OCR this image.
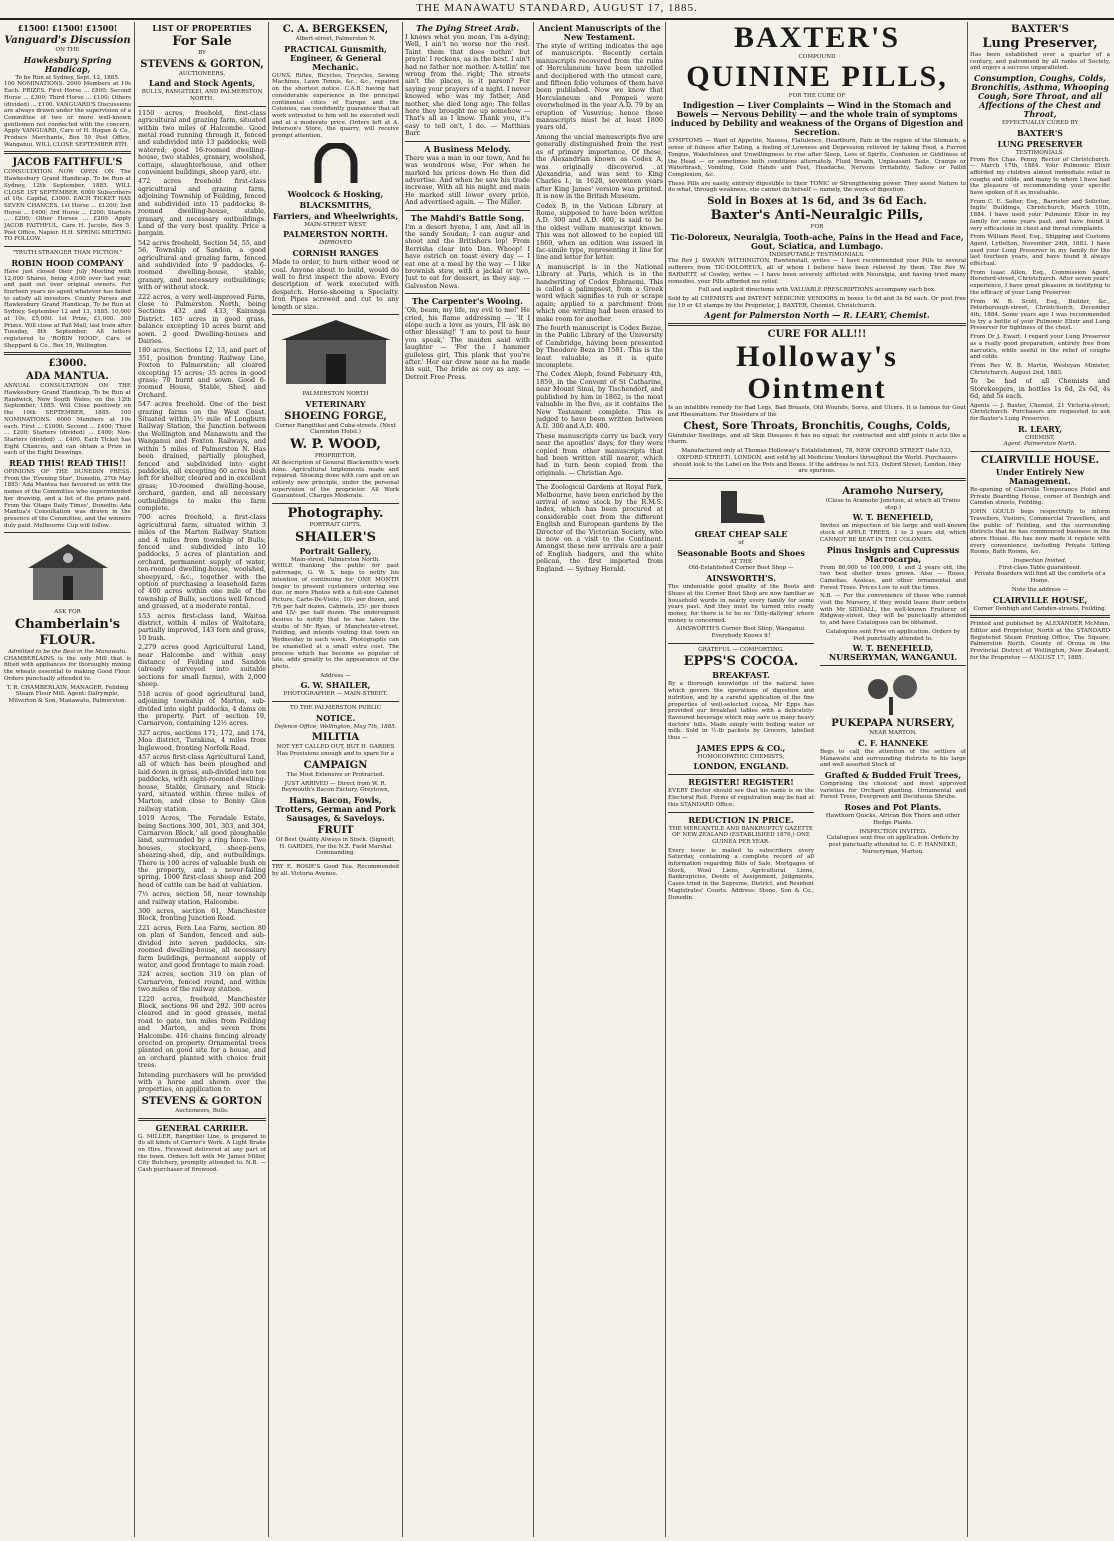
THE MANAWATU STANDARD, AUGUST 17, 1885.
£1500! £1500! £1500!
Vanguard's Discussion
ON THE
Hawkesbury Spring Handicap,
To be Run at Sydney, Sept. 12, 1885.

100 NOMINATIONS. 2000 Members at 10s Each. PRIZES. First Horse ... £800; Second Horse ... £300; Third Horse ... £100; Others (divided) ... £100. VANGUARD'S Discussions are always drawn under the supervision of a Committee of two or more well-known gentlemen not connected with the concern. Apply VANGUARD, Care of H. Hogan & Co., Produce Merchants, Box 59 Post Office, Wanganui. WILL CLOSE SEPTEMBER 8TH.

JACOB FAITHFUL'S

CONSULTATION NOW OPEN ON The Hawkesbury Grand Handicap. To be Run at Sydney, 12th September, 1885. WILL CLOSE 1ST SEPTEMBER. 6000 Subscribers at 10s. Capital, £3000. EACH TICKET HAS SEVEN CHANCES. 1st Horse ... £1200; 2nd Horse ... £400; 3rd Horse ... £200; Starters ... £200; Other Horses ... £200. Apply JACOB FAITHFUL, Care H. Jacobs, Box 5, Post Office, Napier. H.H. SPRING MEETING TO FOLLOW.

"TRUTH STRANGER THAN FICTION."
ROBIN HOOD COMPANY

Have just closed their July Meeting with 12,000 Shares, being 4,000 over last year, and paid out over original owners. For fourteen years no agent whatever has failed to satisfy all investors. County Purses and Hawkesbury Grand Handicap, To be Run at Sydney, September 12 and 13, 1885. 10,000 at 10s, £5,000. 1st Prize, £1,000. 300 Prizes. Will close at Pall Mall, last train after Tuesday, 8th September. All letters registered to 'ROBIN HOOD', Care of Sheppard & Co., Box 19, Wellington.

£3000.
ADA MANTUA.

ANNUAL CONSULTATION ON THE Hawkesbury Grand Handicap, To be Run at Randwick, New South Wales, on the 12th September, 1885. Will Close positively on the 10th SEPTEMBER, 1885. 100 NOMINATIONS. 6000 Members at 10s each. First ... £1000; Second ... £400; Third ... £200; Starters (divided) ... £400; Non-Starters (divided) ... £400. Each Ticket has Eight Chances, and can obtain a Prize in each of the Eight Drawings.

READ THIS! READ THIS!!

OPINIONS OF THE DUNEDIN PRESS. From the 'Evening Star', Dunedin, 27th May 1885: Ada Mantua has favoured us with the names of the Committee who superintended her drawing, and a list of the prizes paid. From the 'Otago Daily Times', Dunedin: Ada Mantua's Consultation was drawn in the presence of the Committee, and the winners duly paid. Melbourne Cup will follow.

ASK FOR
Chamberlain's
FLOUR.
Admitted to be the Best in the Manawatu.

CHAMBERLAINS is the only Mill that is fitted with appliances for thoroughly mixing the wheats essential to making Good Flour. Orders punctually attended to.

T. R. CHAMBERLAIN, MANAGER. Feilding Steam Flour Mill. Agent: Dalrymple, Milverton & Son, Manawatu, Palmerston.

LIST OF PROPERTIES
For Sale
BY
STEVENS & GORTON,
AUCTIONEERS,
Land and Stock Agents,
BULLS, RANGITIKEI, AND PALMERSTON NORTH.

1150 acres, freehold, first-class agricultural and grazing farm, situated within two miles of Halcombe. Good metal road running through it, fenced and subdivided into 13 paddocks; well watered; good 16-roomed dwelling-house, two stables, granary, woolshed, cottage, slaughterhouse, and other convenient buildings, sheep yard, etc.

472 acres freehold first-class agricultural and grazing farm, adjoining Township of Feilding, fenced and subdivided into 15 paddocks; 8-roomed dwelling-house, stable, granary, and necessary outbuildings. Land of the very best quality. Price a bargain.

542 acres freehold, Section 54, 55, and 56, Township of Sandon, a good agricultural and grazing farm, fenced and subdivided into 9 paddocks, 6-roomed dwelling-house, stable, granary, and necessary outbuildings; with or without stock.

222 acres, a very well-improved Farm, close to Palmerston North, being Sections 432 and 433, Kairanga District. 165 acres in good grass, balance excepting 10 acres burnt and sown. 2 good Dwelling-houses and Dairies.

180 acres, Sections 12, 13, and part of 351, position fronting Railway Line, Foxton to Palmerston; all cleared excepting 15 acres; 35 acres in good grass; 70 burnt and sown. Good 6-roomed House, Stable, Shed, and Orchard.

547 acres freehold. One of the best grazing farms on the West Coast. Situated within 1½ mile of Longburn Railway Station, the Junction between the Wellington and Manawatu and the Wanganui and Foxton Railways, and within 5 miles of Palmerston N. Has been drained, partially ploughed, fenced and subdivided into eight paddocks, all excepting 60 acres bush left for shelter, cleared and in excellent grass; 10-roomed dwelling-house, orchard, garden, and all necessary outbuildings to make the farm complete.

700 acres freehold, a first-class agricultural farm, situated within 3 miles of the Marton Railway Station and 4 miles from township of Bulls; fenced and subdivided into 10 paddocks, 5 acres of plantation and orchard, permanent supply of water, ten-roomed dwelling-house, woolshed, sheepyard, &c., together with the option of purchasing a leasehold farm of 400 acres within one mile of the township of Bulls, sections well fenced and grassed, at a moderate rental.

153 acres first-class land, Waitoa district, within 4 miles of Waitotara, partially improved, 143 fern and grass, 10 bush.

2,279 acres good Agricultural Land, near Halcombe and within easy distance of Feilding and Sandon (already surveyed into suitable sections for small farms), with 2,000 sheep.

518 acres of good agricultural land, adjoining township of Marton, sub-divided into eight paddocks, 4 dams on the property. Part of section 19, Carnarvon, containing 12½ acres.

327 acres, sections 171, 172, and 174, Moa district, Turakina, 4 miles from Inglewood, fronting Norfolk Road.

457 acres first-class Agricultural Land, all of which has been ploughed and laid down in grass, sub-divided into ten paddocks, with eight-roomed dwelling-house, Stable, Granary, and Stock-yard, situated within three miles of Marton, and close to Bonny Glen railway station.

1019 Acres, 'The Ferndale Estate, being Sections 300, 301, 303, and 304, Carnarvon Block,' all good ploughable land, surrounded by a ring fence. Two houses, stockyard, sheep-pens, shearing-shed, dip, and outbuildings. There is 100 acres of valuable bush on the property, and a never-failing spring. 1000 first-class sheep and 200 head of cattle can be had at valuation.

7½ acres, section 58, near township and railway station, Halcombe.

300 acres, section 61, Manchester Block, fronting Junction Road.

221 acres, Fern Lea Farm, section 80 on plan of Sandon, fenced and sub-divided into seven paddocks, six-roomed dwelling-house, all necessary farm buildings, permanent supply of water, and good frontage to main road.

324 acres, section 319 on plan of Carnarvon, fenced round, and within two miles of the railway station.

1220 acres, freehold, Manchester Block, sections 96 and 292. 300 acres cleared and in good grasses, metal road to gate, ten miles from Feilding and Marton, and seven from Halcombe. 416 chains fencing already erected on property. Ornamental trees planted on good site for a house, and an orchard planted with choice fruit trees.

Intending purchasers will be provided with a horse and shown over the properties, on application to

STEVENS & GORTON
Auctioneers, Bulls.
GENERAL CARRIER.

G. MILLER, Rangitikei Line, is prepared to do all kinds of Carrier's Work. A Light Brake on Hire. Firewood delivered at any part of the town. Orders left with Mr James Miller, City Butchery, promptly attended to. N.B. — Cash purchaser of firewood.

C. A. BERGEKSEN,
Albert-street, Palmerston N.
PRACTICAL Gunsmith, Engineer, & General Mechanic.

GUNS, Rifles, Bicycles, Tricycles, Sewing Machines, Lawn Tennis, &c., &c., repaired on the shortest notice. C.A.B. having had considerable experience in the principal continental cities of Europe and the Colonies, can confidently guarantee that all work entrusted to him will be executed well and at a moderate price. Orders left at A. Peterson's Store, the quarry, will receive prompt attention.

Woolcock & Hosking,
BLACKSMITHS,
Farriers, and Wheelwrights,
MAIN-STREET WEST,
PALMERSTON NORTH.
IMPROVED
CORNISH RANGES

Made to order, to burn either wood or coal. Anyone about to build, would do well to first inspect the above. Every description of work executed with despatch. Horse-shoeing a Specialty. Iron Pipes screwed and cut to any length or size.

PALMERSTON NORTH
VETERINARY
SHOEING FORGE,
Corner Rangitikei and Cuba-streets. (Next Clarendon Hotel.)
W. P. WOOD,
PROPRIETOR.

All description of General Blacksmith's work done. Agricultural Implements made and repaired. Shoeing done with care and on an entirely new principle, under the personal supervision of the proprietor. All Work Guaranteed. Charges Moderate.

Photography.
PORTRAIT GIFTS.
SHAILER'S
Portrait Gallery,
Main-street, Palmerston North.

WHILE thanking the public for past patronage, G. W. S. begs to notify his intention of continuing for ONE MONTH longer to present customers ordering one doz. or more Photos with a full-size Cabinet Picture. Carte-De-Visite, 10/- per dozen, and 7/6 per half dozen. Cabinets, 25/- per dozen and 15/- per half dozen. The undersigned desires to notify that he has taken the studio of Mr Ryan, of Manchester-street, Feilding, and intends visiting that town on Wednesday in each week. Photographs can be enamelled at a small extra cost. The process which has become so popular of late, adds greatly to the appearance of the photo.

Address —
G. W. SHAILER,
PHOTOGRAPHER — MAIN-STREET.
TO THE PALMERSTON PUBLIC
NOTICE.
Defence Office, Wellington, May 7th, 1885.
MILITIA

NOT YET CALLED OUT, BUT H. GARDES Has Provisions enough and to spare for a

CAMPAIGN

The Most Extensive or Protracted.

JUST ARRIVED — Direct from W. R. Reymouth's Bacon Factory, Greytown,

Hams, Bacon, Fowls, Trotters, German and Pork Sausages, & Saveloys.
FRUIT

Of Best Quality Always in Stock. (Signed), H. GARDES, For the N.Z. Field Marshal Commanding.

TRY E. ROSIE'S Good Tea. Recommended by all. Victoria Avenue.

The Dying Street Arab.

I knows what you mean, I'm a-dying; Well, I ain't no worse nor the rest. Taint them that does nothin' but prayin' I reckons, as is the best. I ain't had no father nor mother. A-tellin' me wrong from the right; The streets ain't the places, is it parson? For saying your prayers of a night. I never knowed who was my father, And mother, she died long ago; The fellas here they brought me up somehow — That's all as I know. Thank you, it's easy to tell on't, I do. — Matthias Barr.

A Business Melody.

There was a man in our town, And he was wondrous wise, For when he marked his prices down He then did advertise. And when he saw his trade increase, With all his might and main He marked still lower every price, And advertised again. — The Miller.

The Mahdi's Battle Song.

I'm a desert hyena, I am, And all in the sandy Soudan; I can augur and shoot and the Britishers lop! From Berrisha clear into Dan. Whoop! I have ostrich on toast every day — I eat one at a meal by the way — I like brownish stew, with a jackal or two, Just to eat for dessert, as they say. — Galveston News.

The Carpenter's Wooing.

'Oh, beam, my life, my evil to me!' He cried, his flame addressing — 'If I elope such a love as yours, I'll ask no other blessing!' 'I am to post to hear you speak,' The maiden said with laughter — 'For the I hammer guileless girl, This plank that you're after.' Her ear drew near as he made his suit, The bride as coy as any. — Detroit Free Press.

Ancient Manuscripts of the New Testament.

The style of writing indicates the age of manuscripts. Recently certain manuscripts recovered from the ruins of Herculaneum have been unrolled and deciphered with the utmost care, and fifteen folio volumes of them have been published. Now we know that Herculaneum and Pompeii were overwhelmed in the year A.D. 79 by an eruption of Vesuvius; hence those manuscripts must be at least 1800 years old.

Among the uncial manuscripts five are generally distinguished from the rest as of primary importance. Of these, the Alexandrian known as Codex A, was originally discovered at Alexandria, and was sent to King Charles I., in 1628, seventeen years after King James' version was printed. It is now in the British Museum.

Codex B, in the Vatican Library at Rome, supposed to have been written A.D. 300 and A.D. 400, is said to be the oldest vellum manuscript known. This was not allowed to be copied till 1869, when an edition was issued in fac-simile type, representing it line for line and letter for letter.

A manuscript is in the National Library at Paris, which is in the handwriting of Codex Ephraemi. This is called a palimpsest, from a Greek word which signifies to rub or scrape again; applied to a parchment from which one writing had been erased to make room for another.

The fourth manuscript is Codex Bezae, in the Public Library of the University of Cambridge, having been presented by Theodore Beza in 1581. This is the least valuable, as it is quite incomplete.

The Codex Aleph, found February 4th, 1859, in the Convent of St Catharine, near Mount Sinai, by Tischendorf, and published by him in 1862, is the most valuable in the five, as it contains the New Testament complete. This is judged to have been written between A.D. 300 and A.D. 400.

These manuscripts carry us back very near the apostles' days; for they were copied from other manuscripts that had been written still nearer, which had in turn been copied from the originals. — Christian Age.

The Zoological Gardens at Royal Park, Melbourne, have been enriched by the arrival of some stock by the R.M.S. Index, which has been procured at considerable cost from the different English and European gardens by the Director of the Victorian Society, who is now on a visit to the Continent. Amongst these new arrivals are a pair of English badgers, and the white pelican, the first imported from England. — Sydney Herald.

BAXTER'S
COMPOUND
QUININE PILLS,
FOR THE CURE OF
Indigestion — Liver Complaints — Wind in the Stomach and Bowels — Nervous Debility — and the whole train of symptoms induced by Debility and weakness of the Organs of Digestion and Secretion.

SYMPTOMS — Want of Appetite, Nausea, Flatulence, Heartburn, Pain in the region of the Stomach, a sense of fulness after Eating, a feeling of Lowness and Depression relieved by taking Food, a Furred Tongue, Wakefulness and Unwillingness to rise after Sleep, Loss of Spirits, Confusion or Giddiness of the Head — or sometimes both conditions alternately. Fluid Breath, Unpleasant Taste, Cramps or Waterbrash, Vomiting, Cold Hands and Feet, Headache, Nervous Irritability, Sallow or Pallid Complexion, &c.

These Pills are easily, entirely digestible to their TONIC or Strengthening power. They assist Nature to do what, through weakness, she cannot do herself — namely, the work of digestion.

Sold in Boxes at 1s 6d, and 3s 6d Each.
Baxter's Anti-Neuralgic Pills,
FOR
Tic-Doloreux, Neuralgia, Tooth-ache, Pains in the Head and Face, Gout, Sciatica, and Lumbago.
INDISPUTABLE TESTIMONIALS.

The Rev J. SWANN WITHINGTON, Rawtenstall, writes — I have recommended your Pills to several sufferers from TIC-DOLOREUX, all of whom I believe have been relieved by them. The Rev W. BARNETT, of Cowley, writes — I have been severely afflicted with Neuralgia, and having tried many remedies, your Pills afforded me relief.

Full and explicit directions with VALUABLE PRESCRIPTIONS accompany each box.

Sold by all CHEMISTS and PATENT MEDICINE VENDORS in boxes 1s 6d and 3s 6d each. Or post free for 19 or 43 stamps by the Proprietor, J. BAXTER, Chemist, Christchurch.

Agent for Palmerston North — R. LEARY, Chemist.
CURE FOR ALL!!!
Holloway's Ointment

Is an infallible remedy for Bad Legs, Bad Breasts, Old Wounds, Sores, and Ulcers. It is famous for Gout and Rheumatism. For Disorders of the

Chest, Sore Throats, Bronchitis, Coughs, Colds,

Glandular Swellings, and all Skin Diseases it has no equal; for contracted and stiff joints it acts like a charm.

Manufactured only at Thomas Holloway's Establishment, 78, NEW OXFORD STREET (late 533, OXFORD STREET), LONDON, and sold by all Medicine Vendors throughout the World. Purchasers should look to the Label on the Pots and Boxes. If the address is not 533, Oxford Street, London, they are spurious.

GREAT CHEAP SALE
of
Seasonable Boots and Shoes
AT THE
Old-Established Corner Boot Shop —
AINSWORTH'S.

The undeniable good quality of the Boots and Shoes at the Corner Boot Shop are now familiar as household words in nearly every family for some years past. And they must be turned into ready money, for there is to be no 'Dilly-dallying' where money is concerned.

AINSWORTH'S Corner Boot Shop, Wanganui. Everybody Knows it!

GRATEFUL — COMFORTING.
EPPS'S COCOA.
BREAKFAST.

By a thorough knowledge of the natural laws which govern the operations of digestion and nutrition, and by a careful application of the fine properties of well-selected cocoa, Mr Epps has provided our breakfast tables with a delicately-flavoured beverage which may save us many heavy doctors' bills. Made simply with boiling water or milk. Sold in ½-lb packets by Grocers, labelled thus —

JAMES EPPS & CO.,
HOMOEOPATHIC CHEMISTS,
LONDON, ENGLAND.
REGISTER! REGISTER!

EVERY Elector should see that his name is on the Electoral Roll. Forms of registration may be had at this STANDARD Office.

REDUCTION IN PRICE.

THE MERCANTILE AND BANKRUPTCY GAZETTE OF NEW ZEALAND (ESTABLISHED 1876,) ONE GUINEA PER YEAR.

Every issue is mailed to subscribers every Saturday, containing a complete record of all information regarding Bills of Sale, Mortgages of Stock, Wool Liens, Agricultural Liens, Bankruptcies, Deeds of Assignment, Judgments, Cases tried in the Supreme, District, and Resident Magistrates' Courts. Address: Stone, Son & Co., Dunedin.

Aramoho Nursery,
(Close to Aramoho Junction, at which all Trains stop.)
W. T. BENEFIELD,

Invites an inspection of his large and well-known stock of APPLE TREES, 1 to 3 years old, which CANNOT BE BEAT IN THE COLONIES.

Pinus Insignis and Cupressus Macrocarpa,

From 80,000 to 100,000, 1 and 2 years old, the two best shelter trees grown. Also — Roses, Camelias, Azaleas, and other ornamental and Forest Trees. Prices Low to suit the times.

N.B. — For the convenience of those who cannot visit the Nursery, if they would leave their orders with Mr SIDDALL, the well-known Fruiterer of Ridgway-street, they will be punctually attended to, and have Catalogues can be obtained.

Catalogues sent Free on application. Orders by Post punctually attended to.

W. T. BENEFIELD, NURSERYMAN, WANGANUI.
PUKEPAPA NURSERY,
NEAR MARTON.
C. F. HANNEKE

Begs to call the attention of the settlers of Manawatu and surrounding districts to his large and well assorted Stock of

Grafted & Budded Fruit Trees,

Comprising the choicest and most approved varieties for Orchard planting. Ornamental and Forest Trees, Evergreen and Deciduous Shrubs.

Roses and Pot Plants.

Hawthorn Quicks, African Box Thorn and other Hedge Plants.

INSPECTION INVITED.

Catalogues sent free on application. Orders by post punctually attended to. C. F. HANNEKE, Nurseryman, Marton.

BAXTER'S
Lung Preserver,

Has been established over a quarter of a century, and patronised by all ranks of Society, and enjoys a success unparalleled.

Consumption, Coughs, Colds, Bronchitis, Asthma, Whooping Cough, Sore Throat, and all Affections of the Chest and Throat,
EFFECTUALLY CURED BY
BAXTER'S
LUNG PRESERVER
TESTIMONIALS.

From Rev Chas. Penny, Rector of Christchurch. — March 17th, 1884. Your Pulmonic Elixir afforded my children almost immediate relief in coughs and colds, and many to whom I have had the pleasure of recommending your specific have spoken of it as invaluable.

From C. E. Salter, Esq., Barrister and Solicitor, Inglis' Buildings, Christchurch, March 10th, 1884. I have used your Pulmonic Elixir in my family for some years past, and have found it very efficacious in chest and throat complaints.

From William Reed, Esq., Shipping and Customs Agent, Lyttelton, November 24th, 1883. I have used your Lung Preserver in my family for the last fourteen years, and have found it always effectual.

From Isaac Allen, Esq., Commission Agent, Hereford-street, Christchurch. After seven years' experience, I have great pleasure in testifying to the efficacy of your Lung Preserver.

From W. B. Scott, Esq., Builder, &c., Peterborough-street, Christchurch, December 4th, 1884. Some years ago I was recommended to try a bottle of your Pulmonic Elixir and Lung Preserver for tightness of the chest.

From Dr J. Ewart. I regard your Lung Preserver as a really good preparation, entirely free from narcotics, while useful in the relief of coughs and colds.

From Rev W. B. Martin, Wesleyan Minister, Christchurch, August 2nd, 1883.

To be had of all Chemists and Storekeepers, in bottles 1s 6d, 2s 6d, 4s 6d, and 5s each.

Agents — J. Baxter, Chemist, 21 Victoria-street, Christchurch. Purchasers are requested to ask for Baxter's Lung Preserver.

R. LEARY,
CHEMIST,
Agent, Palmerston North.
CLAIRVILLE HOUSE.
Under Entirely New Management.

Re-opening of Clairville Temperance Hotel and Private Boarding House, corner of Denbigh and Camden streets, Feilding.

JOHN GOULD begs respectfully to inform Travellers, Visitors, Commercial Travellers, and the public of Feilding, and the surrounding districts that he has commenced business in the above House. He has now made it replete with every convenience, including Private Sitting Rooms, Bath Rooms, &c.

Inspection Invited.
First-class Table guaranteed.

Private Boarders will find all the comforts of a Home.

Note the address —
CLAIRVILLE HOUSE,
Corner Denbigh and Camden-streets, Feilding.

Printed and published by ALEXANDER McMinn, Editor and Proprietor, North at the STANDARD Registered Steam Printing Office, The Square, Palmerston North, County of Oroua in the Provincial District of Wellington, New Zealand, for the Proprietor — AUGUST 17, 1885.
